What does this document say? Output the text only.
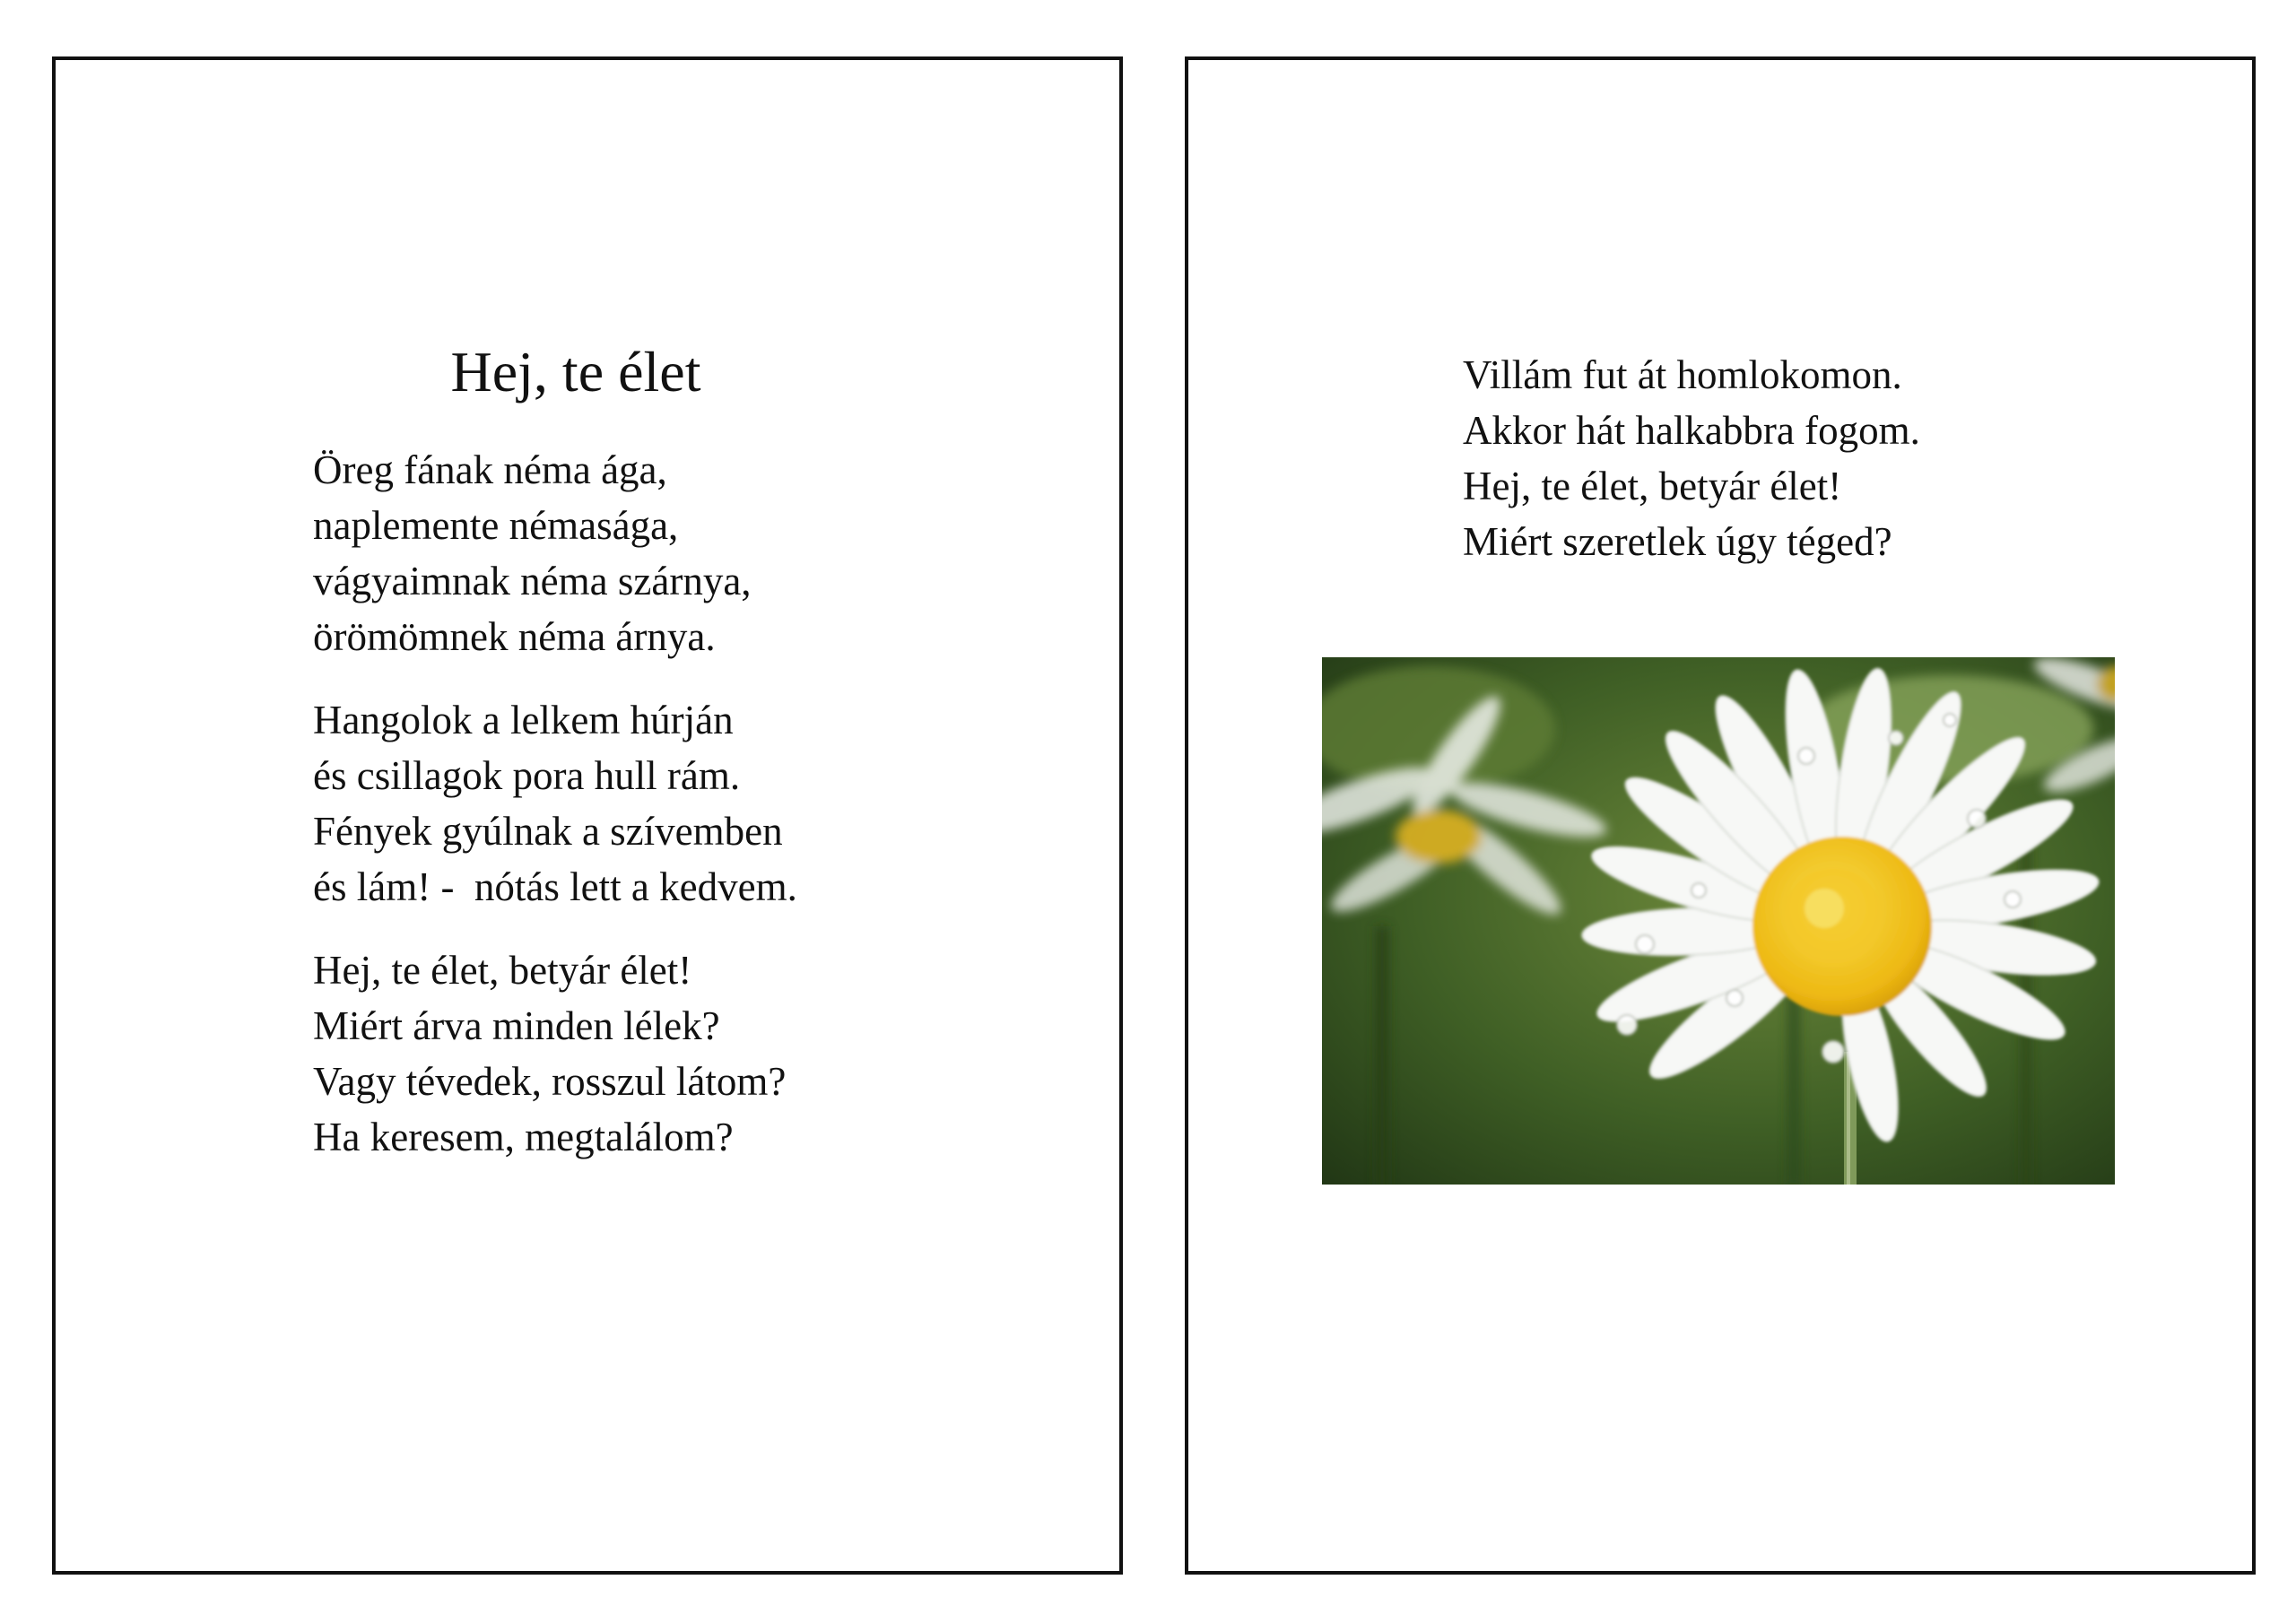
Hej, te élet

Öreg fának néma ága,
naplemente némasága,
vágyaimnak néma szárnya,
örömömnek néma árnya.

Hangolok a lelkem húrján
és csillagok pora hull rám.
Fények gyúlnak a szívemben
és lám! -  nótás lett a kedvem.

Hej, te élet, betyár élet!
Miért árva minden lélek?
Vagy tévedek, rosszul látom?
Ha keresem, megtalálom?

Villám fut át homlokomon.
Akkor hát halkabbra fogom.
Hej, te élet, betyár élet!
Miért szeretlek úgy téged?
